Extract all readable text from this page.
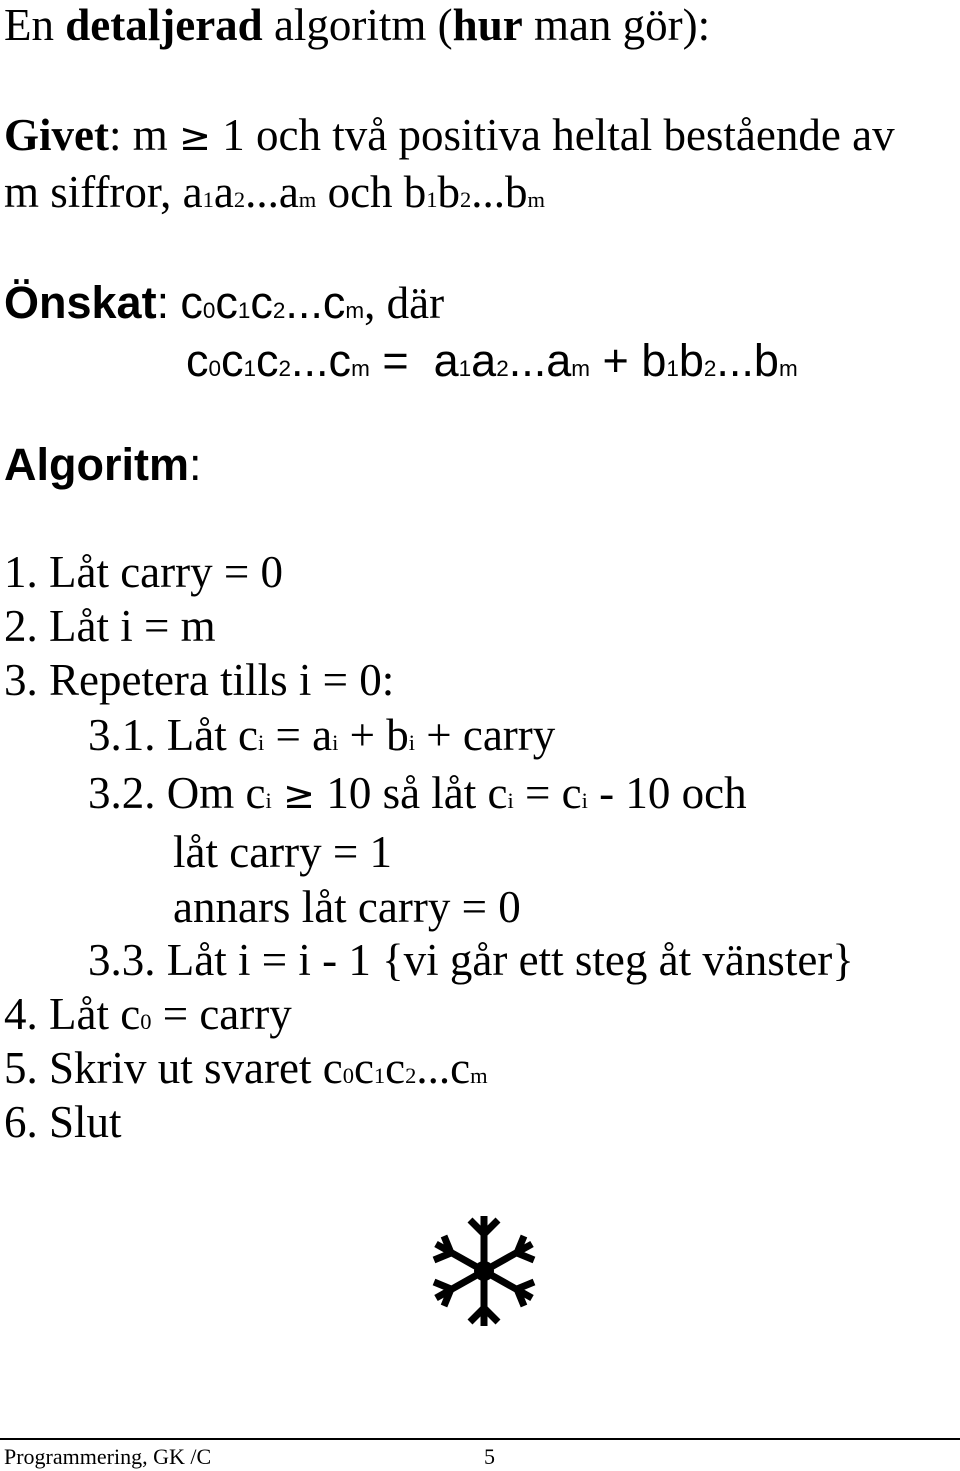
En detaljerad algoritm (hur man gör):
Givet: m ≥ 1 och två positiva heltal bestående av
m siffror, a1a2...am och b1b2...bm
Önskat: c0c1c2...cm, där
c0c1c2...cm = a1a2...am + b1b2...bm
Algoritm:
1. Låt carry = 0
2. Låt i = m
3. Repetera tills i = 0:
3.1. Låt ci = ai + bi + carry
3.2. Om ci ≥ 10 så låt ci = ci - 10 och
låt carry = 1
annars låt carry = 0
3.3. Låt i = i - 1 {vi går ett steg åt vänster}
4. Låt c0 = carry
5. Skriv ut svaret c0c1c2...cm
6. Slut
Programmering, GK /C	5
